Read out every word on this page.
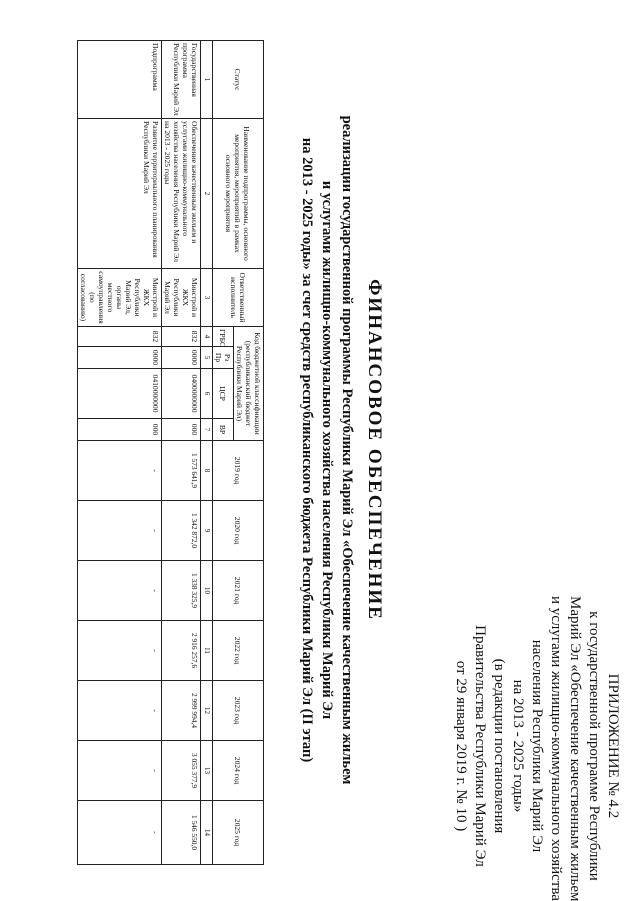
ПРИЛОЖЕНИЕ № 4.2
к государственной программе Республики
Марий Эл «Обеспечение качественным жильем
и услугами жилищно-коммунального хозяйства
населения Республики Марий Эл
на 2013 - 2025 годы»
(в редакции постановления
Правительства Республики Марий Эл
от 29 января 2019 г. № 10 )
ФИНАНСОВОЕ ОБЕСПЕЧЕНИЕ
реализации государственной программы Республики Марий Эл «Обеспечение качественным жильем
и услугами жилищно-коммунального хозяйства населения Республики Марий Эл
на 2013 - 2025 годы» за счет средств республиканского бюджета Республики Марий Эл (II этап)
Статус	Наименование подпрограммы, основного мероприятия, мероприятий в рамках основного мероприятия	Ответственный исполнитель	Код бюджетной классификации (республиканский бюджет Республики Марий Эл)				2019 год	2020 год	2021 год	2022 год	2023 год	2024 год	2025 год
			ГРБС	Рз Пр	ЦСР	ВР							
1	2	3	4	5	6	7	8	9	10	11	12	13	14
Государственная программа Республики Марий Эл	Обеспечение качественным жильем и услугами жилищно-коммунального хозяйства населения Республики Марий Эл на 2013 - 2025 годы	Минстрой и ЖКХ Республики Марий Эл	832	0000	0400000000	000	1 573 641,9	1 342 872,0	1 338 325,9	2 916 257,6	2 999 994,4	3 055 377,9	1 546 550,0
Подпрограмма	Развитие территориального планирования Республики Марий Эл	Минстрой и ЖКХ Республики Марий Эл, органы местного самоуправления (по согласованию)	832	0000	0410000000	000	-	-	-	-	-	-	-
